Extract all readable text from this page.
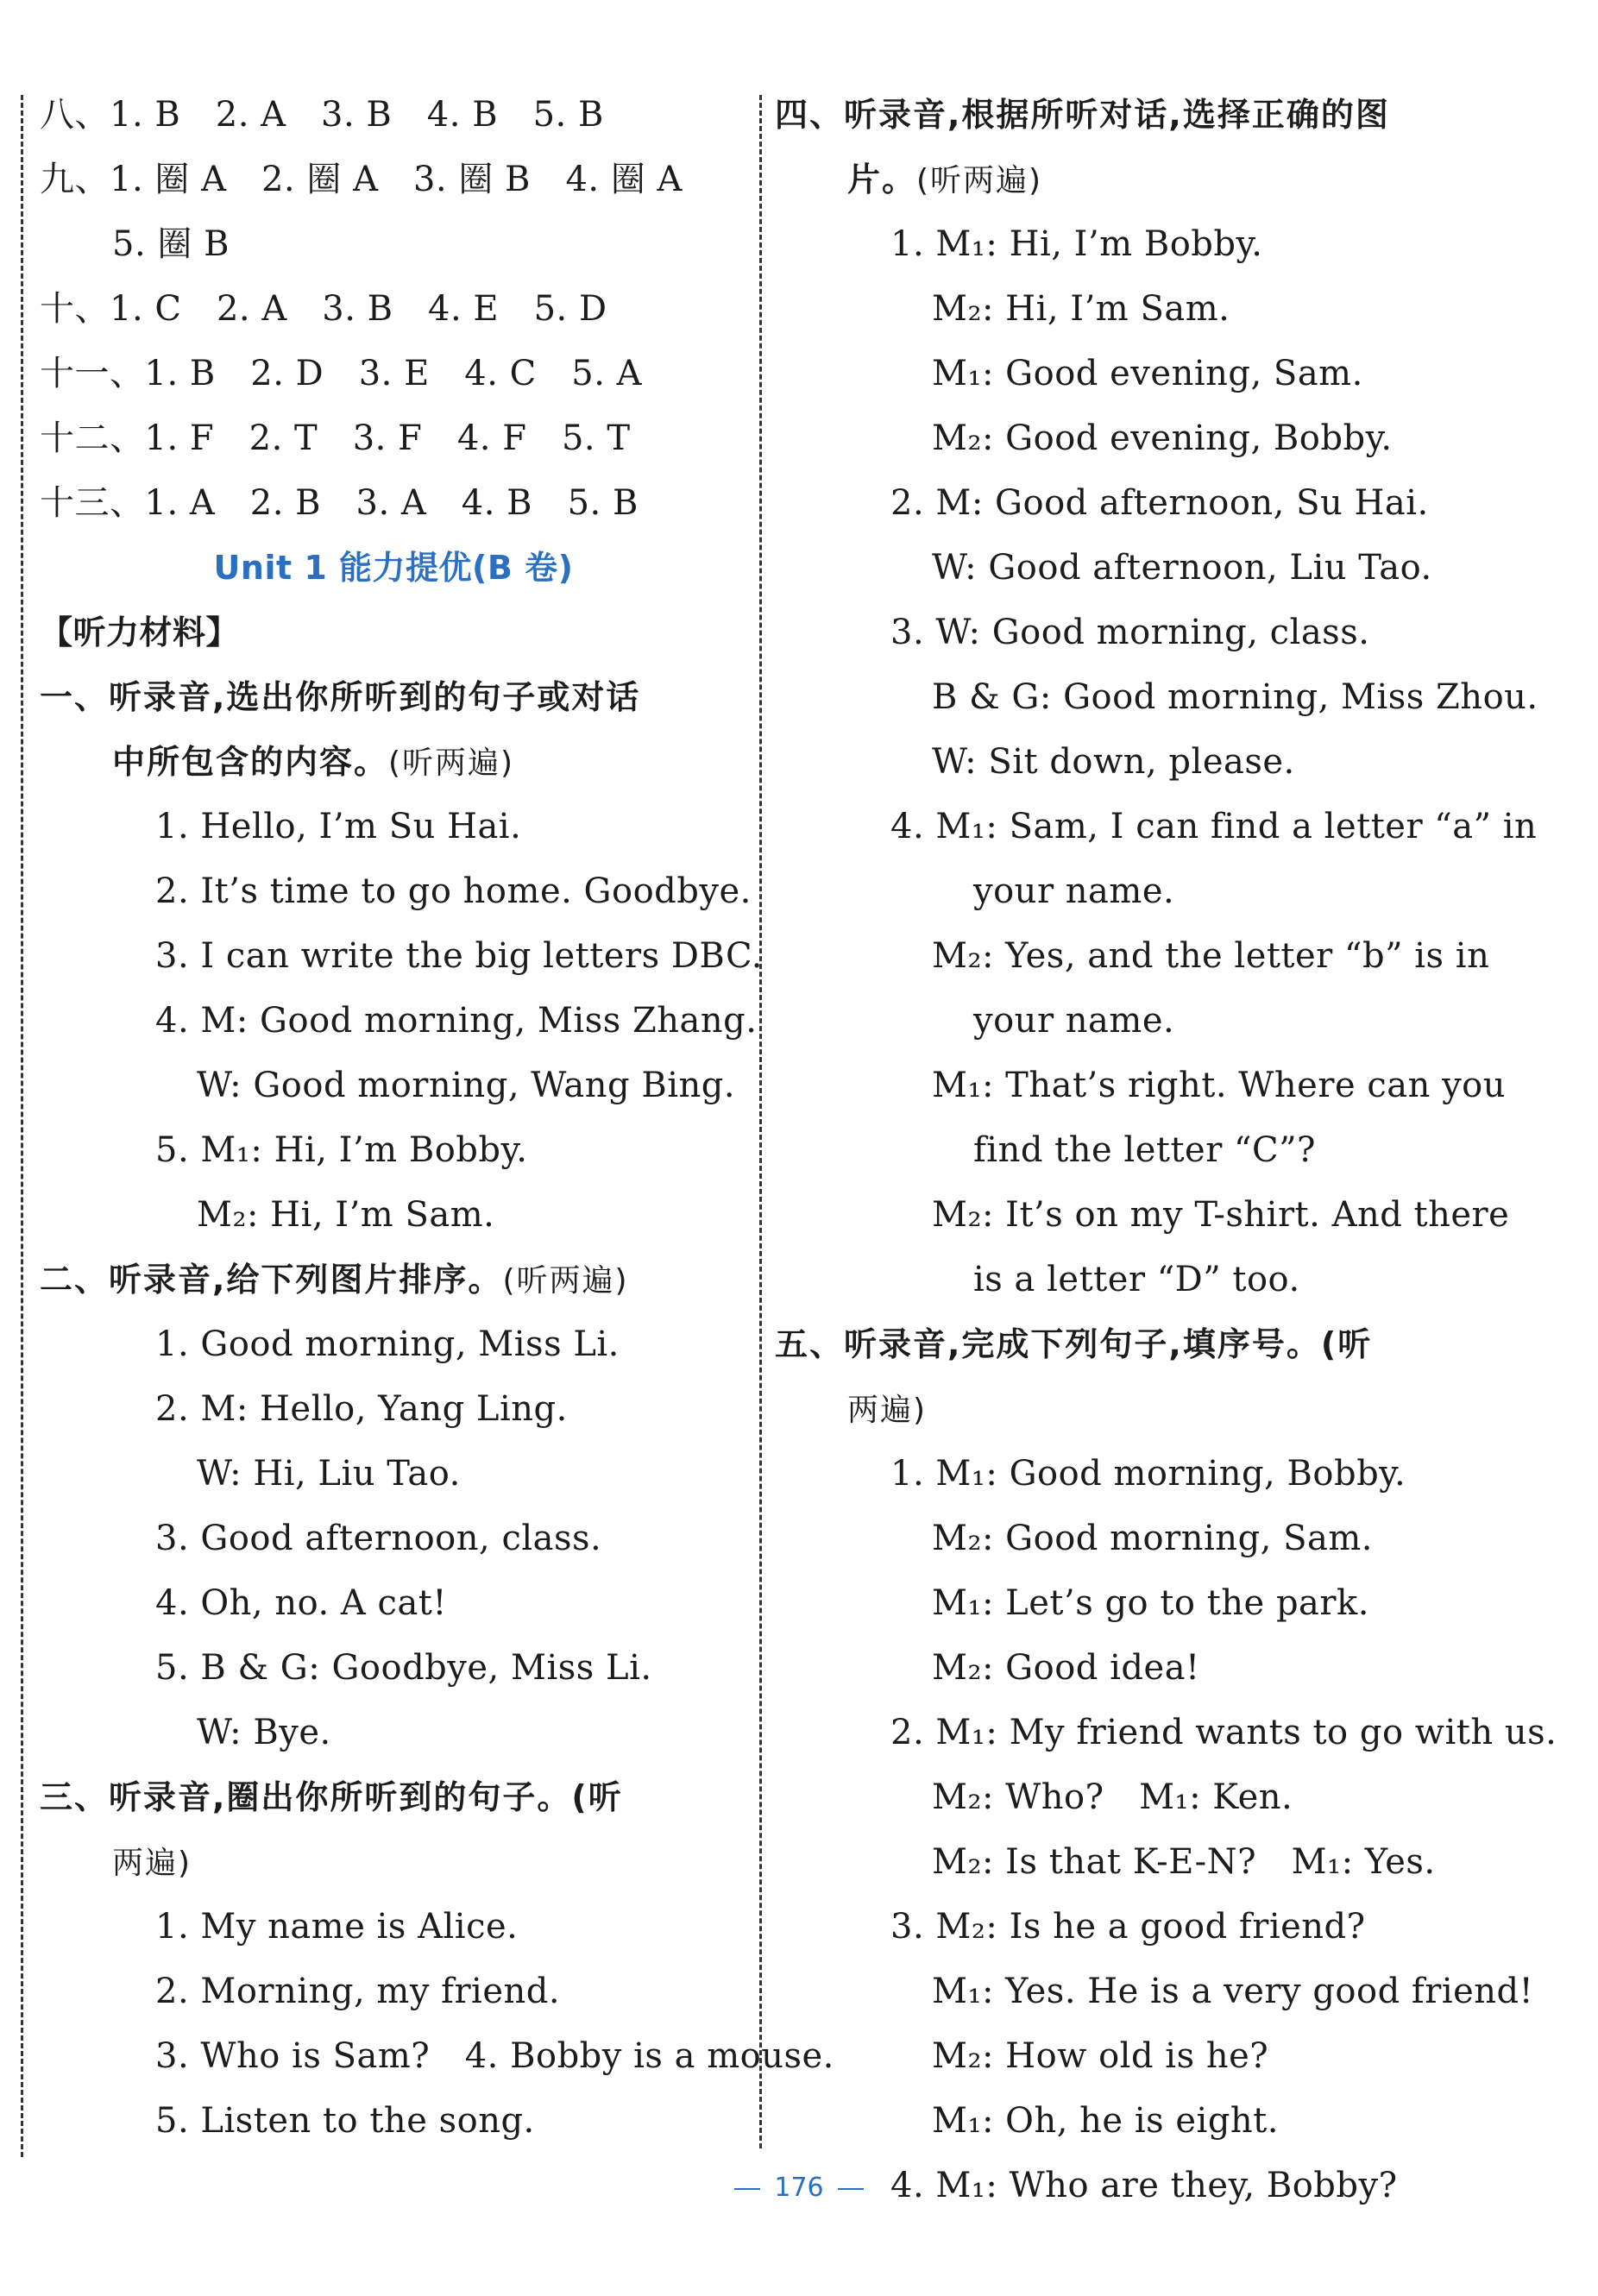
八、1. B　2. A　3. B　4. B　5. B
九、1. 圈 A　2. 圈 A　3. 圈 B　4. 圈 A
5. 圈 B
十、1. C　2. A　3. B　4. E　5. D
十一、1. B　2. D　3. E　4. C　5. A
十二、1. F　2. T　3. F　4. F　5. T
十三、1. A　2. B　3. A　4. B　5. B
Unit 1 能力提优(B 卷)
【听力材料】
一、听录音,选出你所听到的句子或对话
中所包含的内容。(听两遍)
1. Hello, I’m Su Hai.
2. It’s time to go home. Goodbye.
3. I can write the big letters DBC.
4. M: Good morning, Miss Zhang.
W: Good morning, Wang Bing.
5. M₁: Hi, I’m Bobby.
M₂: Hi, I’m Sam.
二、听录音,给下列图片排序。(听两遍)
1. Good morning, Miss Li.
2. M: Hello, Yang Ling.
W: Hi, Liu Tao.
3. Good afternoon, class.
4. Oh, no. A cat!
5. B & G: Goodbye, Miss Li.
W: Bye.
三、听录音,圈出你所听到的句子。(听
两遍)
1. My name is Alice.
2. Morning, my friend.
3. Who is Sam?　4. Bobby is a mouse.
5. Listen to the song.
四、听录音,根据所听对话,选择正确的图
片。(听两遍)
1. M₁: Hi, I’m Bobby.
M₂: Hi, I’m Sam.
M₁: Good evening, Sam.
M₂: Good evening, Bobby.
2. M: Good afternoon, Su Hai.
W: Good afternoon, Liu Tao.
3. W: Good morning, class.
B & G: Good morning, Miss Zhou.
W: Sit down, please.
4. M₁: Sam, I can find a letter “a” in
your name.
M₂: Yes, and the letter “b” is in
your name.
M₁: That’s right. Where can you
find the letter “C”?
M₂: It’s on my T-shirt. And there
is a letter “D” too.
五、听录音,完成下列句子,填序号。(听
两遍)
1. M₁: Good morning, Bobby.
M₂: Good morning, Sam.
M₁: Let’s go to the park.
M₂: Good idea!
2. M₁: My friend wants to go with us.
M₂: Who?　M₁: Ken.
M₂: Is that K-E-N?　M₁: Yes.
3. M₂: Is he a good friend?
M₁: Yes. He is a very good friend!
M₂: How old is he?
M₁: Oh, he is eight.
4. M₁: Who are they, Bobby?
176
